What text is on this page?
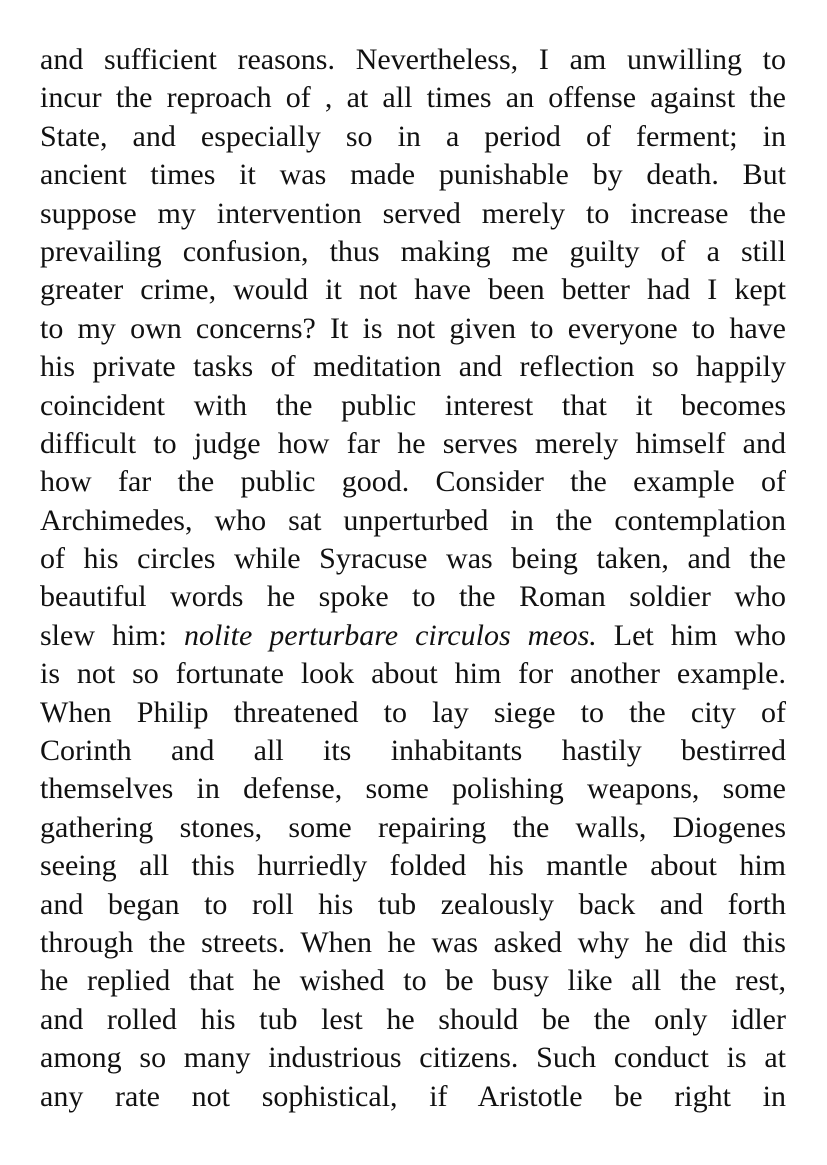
and sufficient reasons. Nevertheless, I am unwilling to
incur the reproach of , at all times an offense against the
State, and especially so in a period of ferment; in
ancient times it was made punishable by death. But
suppose my intervention served merely to increase the
prevailing confusion, thus making me guilty of a still
greater crime, would it not have been better had I kept
to my own concerns? It is not given to everyone to have
his private tasks of meditation and reflection so happily
coincident with the public interest that it becomes
difficult to judge how far he serves merely himself and
how far the public good. Consider the example of
Archimedes, who sat unperturbed in the contemplation
of his circles while Syracuse was being taken, and the
beautiful words he spoke to the Roman soldier who
slew him: nolite perturbare circulos meos. Let him who
is not so fortunate look about him for another example.
When Philip threatened to lay siege to the city of
Corinth and all its inhabitants hastily bestirred
themselves in defense, some polishing weapons, some
gathering stones, some repairing the walls, Diogenes
seeing all this hurriedly folded his mantle about him
and began to roll his tub zealously back and forth
through the streets. When he was asked why he did this
he replied that he wished to be busy like all the rest,
and rolled his tub lest he should be the only idler
among so many industrious citizens. Such conduct is at
any rate not sophistical, if Aristotle be right in
